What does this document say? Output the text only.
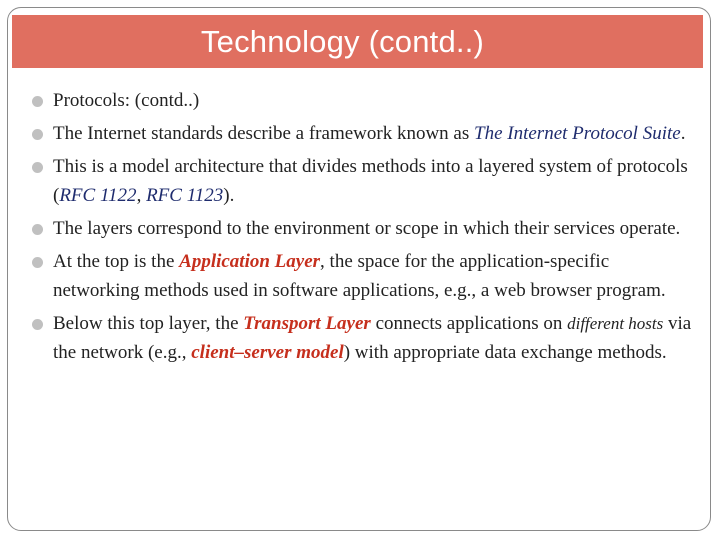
Technology (contd..)
Protocols: (contd..)
The Internet standards describe a framework known as The Internet Protocol Suite.
This is a model architecture that divides methods into a layered system of protocols (RFC 1122, RFC 1123).
The layers correspond to the environment or scope in which their services operate.
At the top is the Application Layer, the space for the application-specific networking methods used in software applications, e.g., a web browser program.
Below this top layer, the Transport Layer connects applications on different hosts via the network (e.g., client–server model) with appropriate data exchange methods.
